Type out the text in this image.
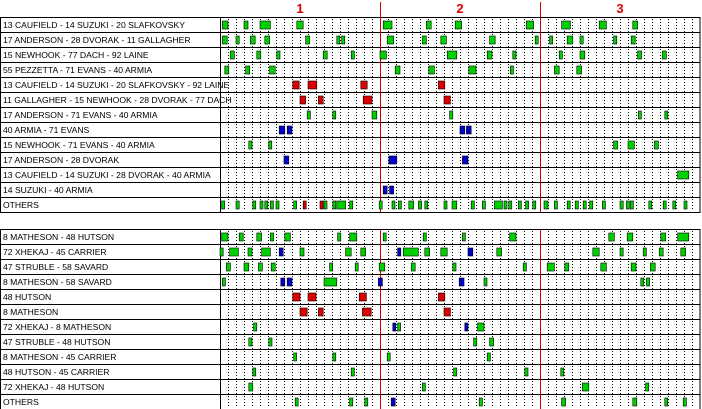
1	2	3
13 CAUFIELD - 14 SUZUKI - 20 SLAFKOVSKY
17 ANDERSON - 28 DVORAK - 11 GALLAGHER
15 NEWHOOK - 77 DACH - 92 LAINE
55 PEZZETTA - 71 EVANS - 40 ARMIA
13 CAUFIELD - 14 SUZUKI - 20 SLAFKOVSKY - 92 LAINE
11 GALLAGHER - 15 NEWHOOK - 28 DVORAK - 77 DACH
17 ANDERSON - 71 EVANS - 40 ARMIA
40 ARMIA - 71 EVANS
15 NEWHOOK - 71 EVANS - 40 ARMIA
17 ANDERSON - 28 DVORAK
13 CAUFIELD - 14 SUZUKI - 28 DVORAK - 40 ARMIA
14 SUZUKI - 40 ARMIA
OTHERS
8 MATHESON - 48 HUTSON
72 XHEKAJ - 45 CARRIER
47 STRUBLE - 58 SAVARD
8 MATHESON - 58 SAVARD
48 HUTSON
8 MATHESON
72 XHEKAJ - 8 MATHESON
47 STRUBLE - 48 HUTSON
8 MATHESON - 45 CARRIER
48 HUTSON - 45 CARRIER
72 XHEKAJ - 48 HUTSON
OTHERS
